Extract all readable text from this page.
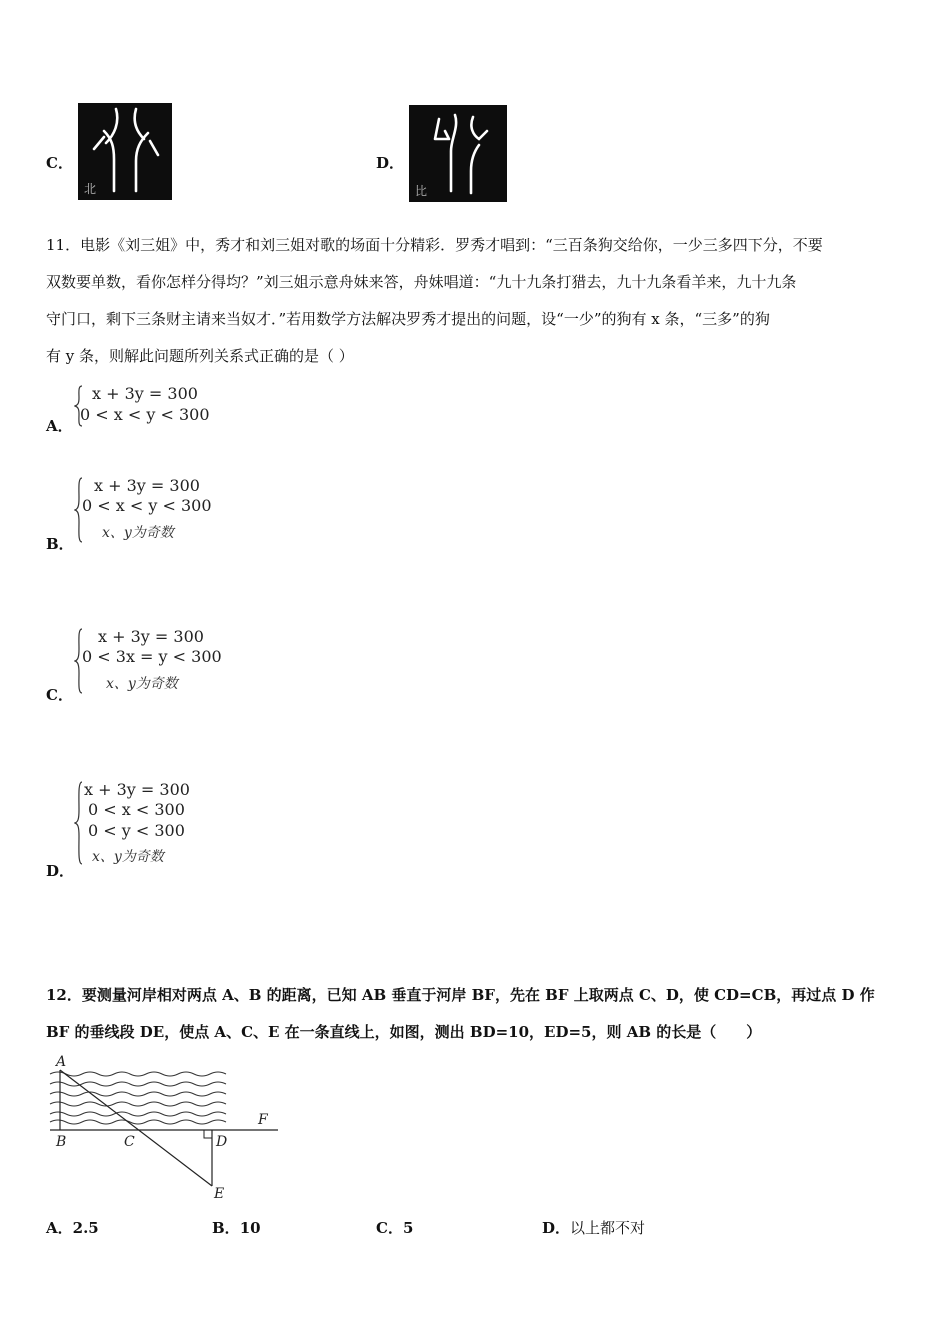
C．
北
D．
比
11．电影《刘三姐》中，秀才和刘三姐对歌的场面十分精彩．罗秀才唱到：“三百条狗交给你，一少三多四下分，不要
双数要单数，看你怎样分得均？”刘三姐示意舟妹来答，舟妹唱道：“九十九条打猎去，九十九条看羊来，九十九条
守门口，剩下三条财主请来当奴才．”若用数学方法解决罗秀才提出的问题，设“一少”的狗有 x 条，“三多”的狗
有 y 条，则解此问题所列关系式正确的是（ ）
A．
x + 3y = 300
0 < x < y < 300
B．
x + 3y = 300
0 < x < y < 300
x、y为奇数
C．
x + 3y = 300
0 < 3x = y < 300
x、y为奇数
D．
x + 3y = 300
0 < x < 300
0 < y < 300
x、y为奇数
12．要测量河岸相对两点 A、B 的距离，已知 AB 垂直于河岸 BF，先在 BF 上取两点 C、D，使 CD=CB，再过点 D 作
BF 的垂线段 DE，使点 A、C、E 在一条直线上，如图，测出 BD=10，ED=5，则 AB 的长是（　　）
A
B	C	D
E
F
A．2.5	B．10	C．5	D．以上都不对
